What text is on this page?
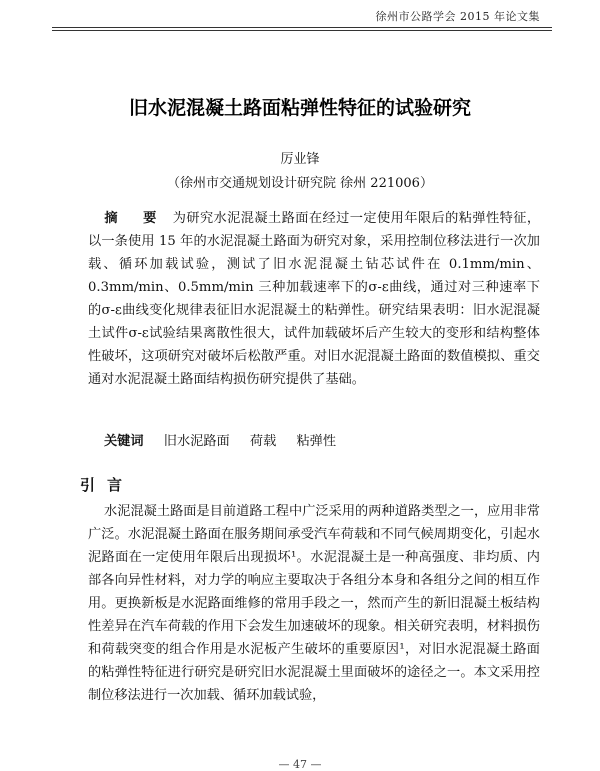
徐州市公路学会 2015 年论文集
旧水泥混凝土路面粘弹性特征的试验研究
厉业锋
（徐州市交通规划设计研究院 徐州 221006）

摘 要 为研究水泥混凝土路面在经过一定使用年限后的粘弹性特征，以一条使用 15 年的水泥混凝土路面为研究对象，采用控制位移法进行一次加载、循环加载试验，测试了旧水泥混凝土钻芯试件在 0.1mm/min、0.3mm/min、0.5mm/min 三种加载速率下的σ-ε曲线，通过对三种速率下的σ-ε曲线变化规律表征旧水泥混凝土的粘弹性。研究结果表明：旧水泥混凝土试件σ-ε试验结果离散性很大，试件加载破坏后产生较大的变形和结构整体性破坏，这项研究对破坏后松散严重。对旧水泥混凝土路面的数值模拟、重交通对水泥混凝土路面结构损伤研究提供了基础。

关键词 旧水泥路面 荷载 粘弹性
引言

水泥混凝土路面是目前道路工程中广泛采用的两种道路类型之一，应用非常广泛。水泥混凝土路面在服务期间承受汽车荷载和不同气候周期变化，引起水泥路面在一定使用年限后出现损坏¹。水泥混凝土是一种高强度、非均质、内部各向异性材料，对力学的响应主要取决于各组分本身和各组分之间的相互作用。更换新板是水泥路面维修的常用手段之一，然而产生的新旧混凝土板结构性差异在汽车荷载的作用下会发生加速破坏的现象。相关研究表明，材料损伤和荷载突变的组合作用是水泥板产生破坏的重要原因¹，对旧水泥混凝土路面的粘弹性特征进行研究是研究旧水泥混凝土里面破坏的途径之一。本文采用控制位移法进行一次加载、循环加载试验，

— 47 —
